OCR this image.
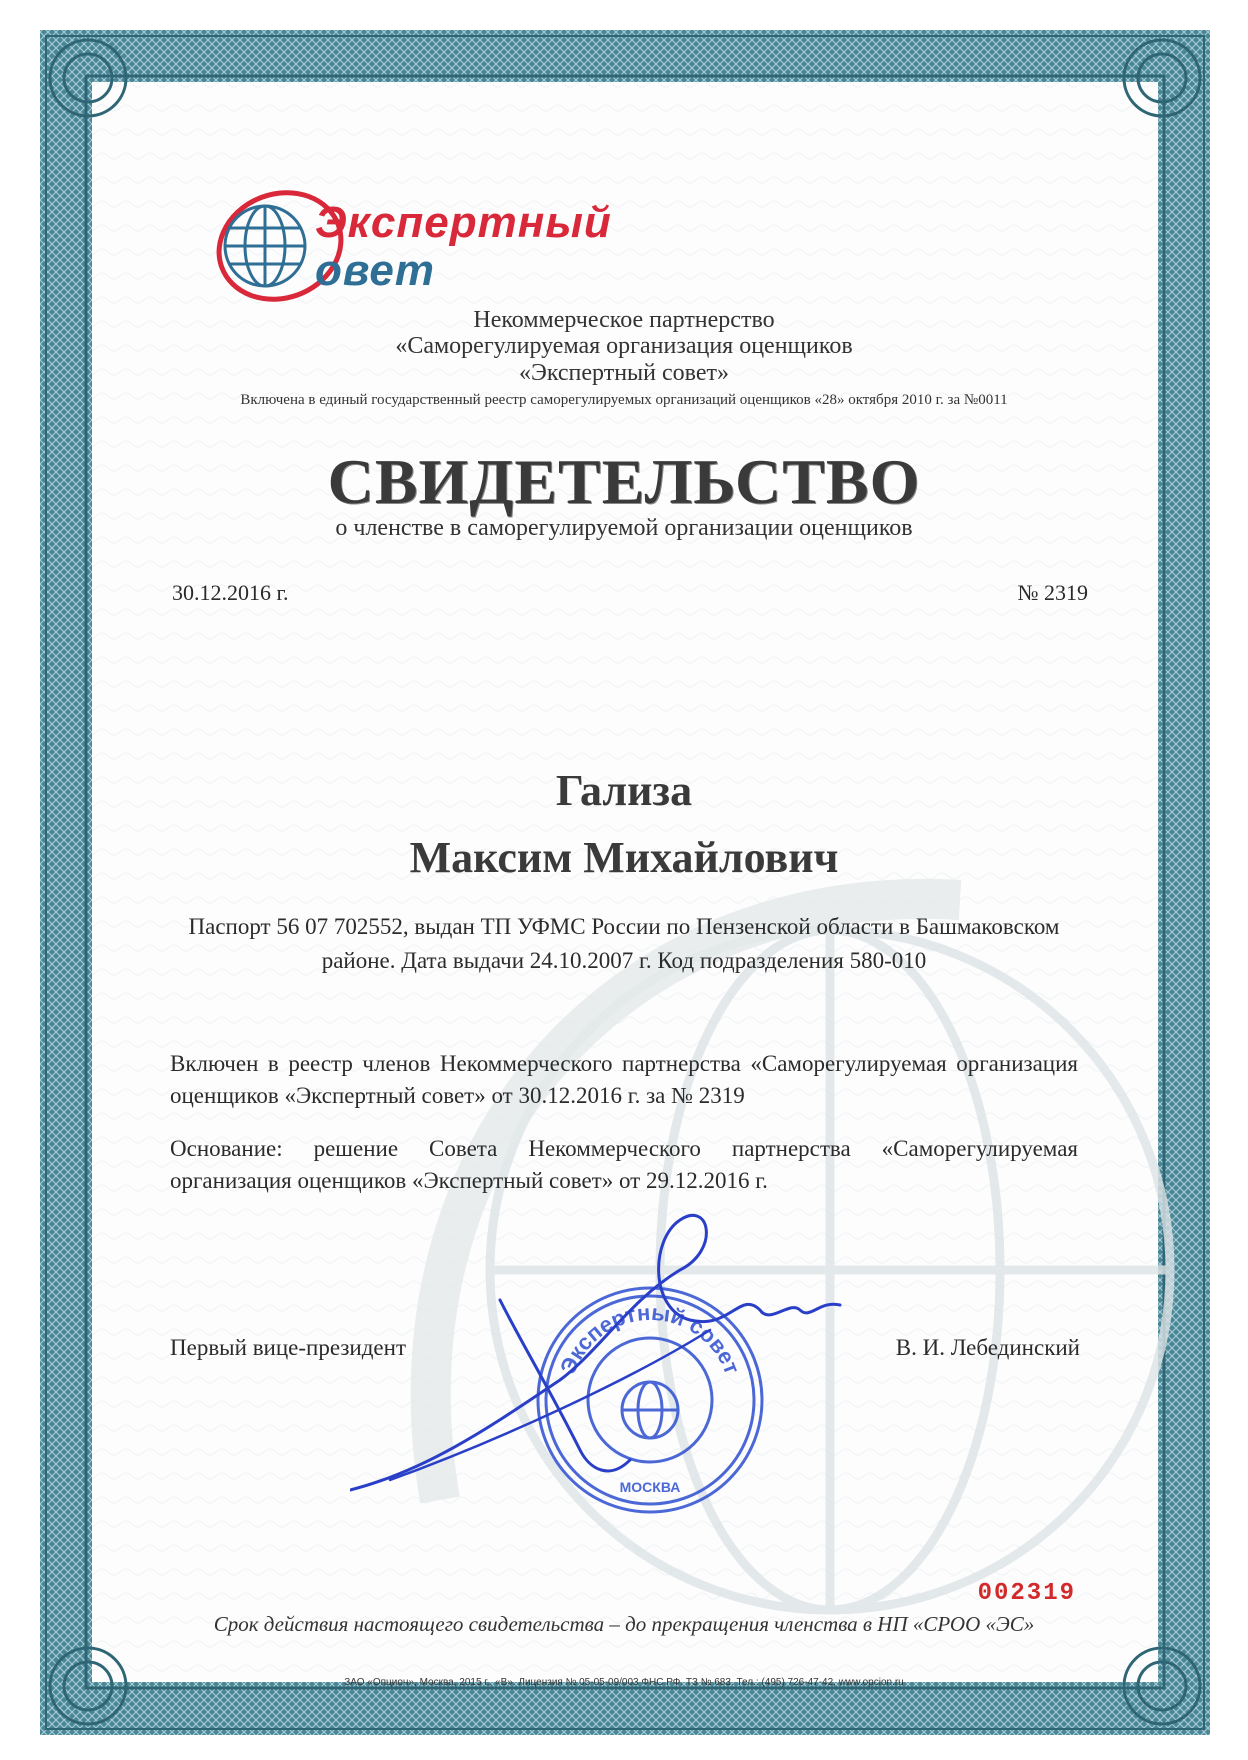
Экспертный
овет
Некоммерческое партнерство
«Саморегулируемая организация оценщиков
«Экспертный совет»
Включена в единый государственный реестр саморегулируемых организаций оценщиков «28» октября 2010 г. за №0011
СВИДЕТЕЛЬСТВО
о членстве в саморегулируемой организации оценщиков
30.12.2016 г.	№ 2319
Гализа
Максим Михайлович
Паспорт 56 07 702552, выдан ТП УФМС России по Пензенской области в Башмаковском районе. Дата выдачи 24.10.2007 г. Код подразделения 580-010
Включен в реестр членов Некоммерческого партнерства «Саморегулируемая организация оценщиков «Экспертный совет» от 30.12.2016 г. за № 2319
Основание: решение Совета Некоммерческого партнерства «Саморегулируемая организация оценщиков «Экспертный совет» от 29.12.2016 г.
Первый вице-президент	В. И. Лебединский
Экспертный совет
МОСКВА
002319
Срок действия настоящего свидетельства – до прекращения членства в НП «СРОО «ЭС»
ЗАО «Опцион», Москва, 2015 г., «В». Лицензия № 05-05-09/003 ФНС РФ. ТЗ № 683. Тел.: (495) 726-47-42, www.opcion.ru
